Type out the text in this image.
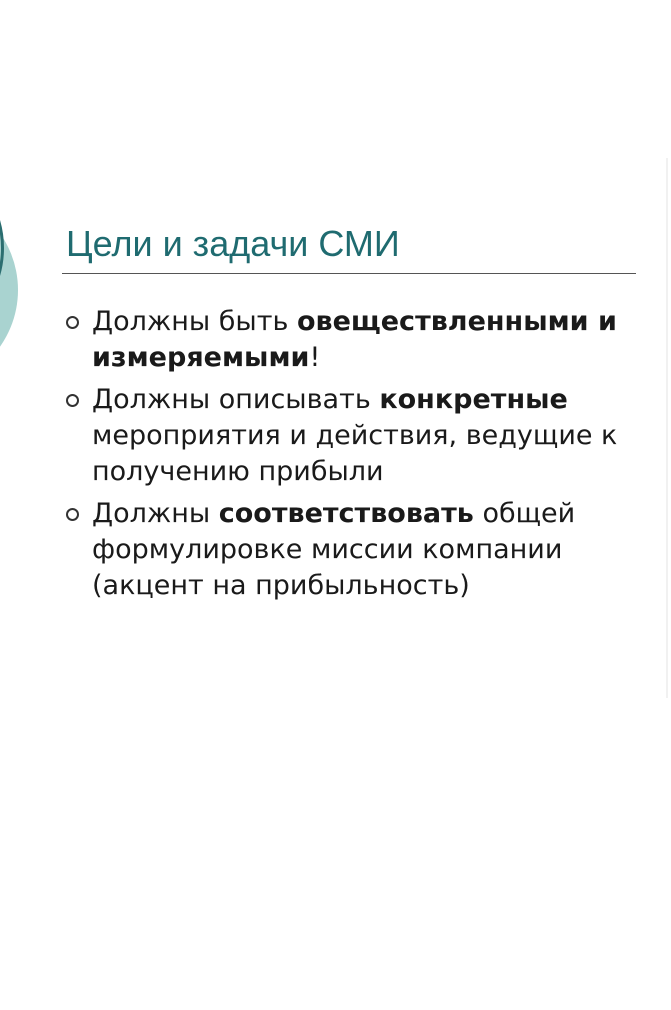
Цели и задачи СМИ
Должны быть овеществленными и измеряемыми!
Должны описывать конкретные мероприятия и действия, ведущие к получению прибыли
Должны соответствовать общей формулировке миссии компании (акцент на прибыльность)
